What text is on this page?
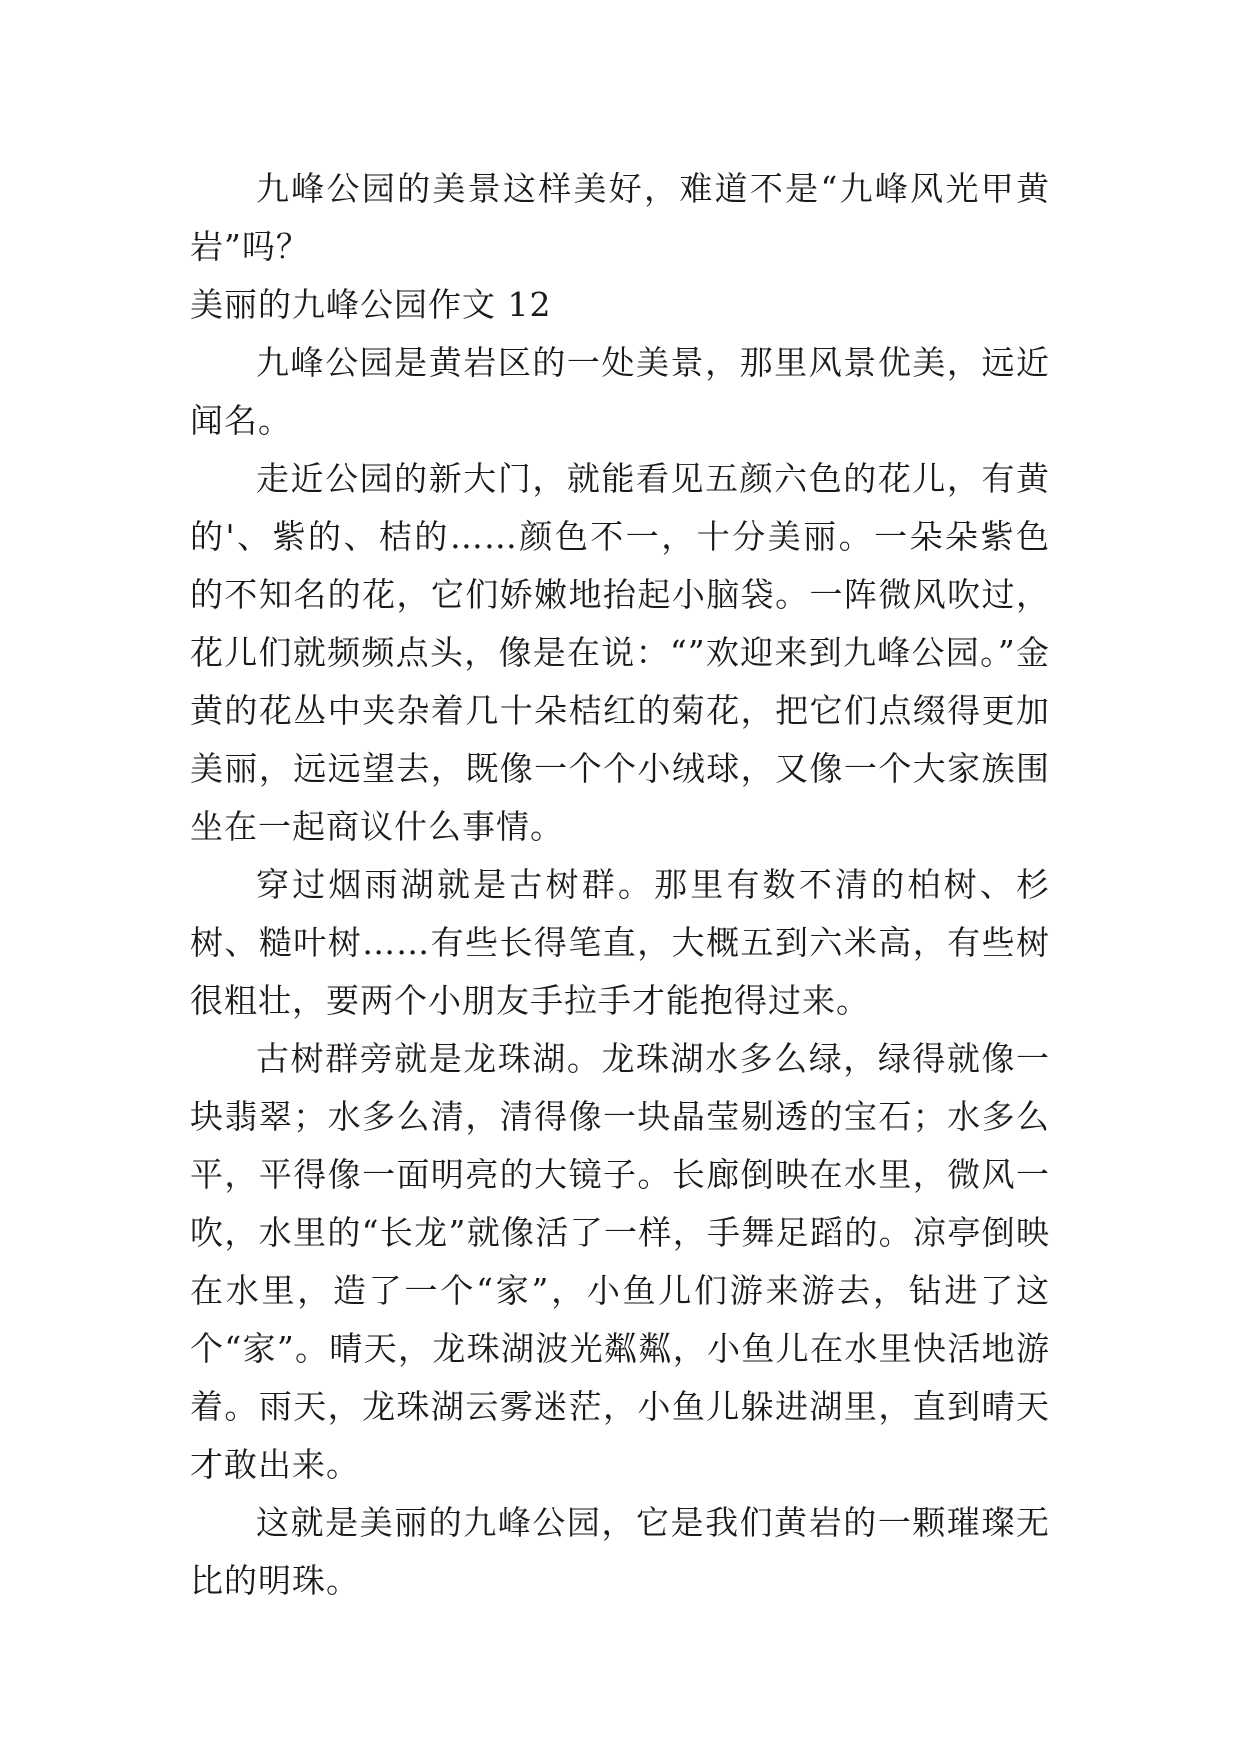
九峰公园的美景这样美好，难道不是“九峰风光甲黄岩”吗？

美丽的九峰公园作文 12

九峰公园是黄岩区的一处美景，那里风景优美，远近闻名。

走近公园的新大门，就能看见五颜六色的花儿，有黄的'、紫的、桔的……颜色不一，十分美丽。一朵朵紫色的不知名的花，它们娇嫩地抬起小脑袋。一阵微风吹过，花儿们就频频点头，像是在说：“”欢迎来到九峰公园。”金黄的花丛中夹杂着几十朵桔红的菊花，把它们点缀得更加美丽，远远望去，既像一个个小绒球，又像一个大家族围坐在一起商议什么事情。

穿过烟雨湖就是古树群。那里有数不清的柏树、杉树、糙叶树……有些长得笔直，大概五到六米高，有些树很粗壮，要两个小朋友手拉手才能抱得过来。

古树群旁就是龙珠湖。龙珠湖水多么绿，绿得就像一块翡翠；水多么清，清得像一块晶莹剔透的宝石；水多么平，平得像一面明亮的大镜子。长廊倒映在水里，微风一吹，水里的“长龙”就像活了一样，手舞足蹈的。凉亭倒映在水里，造了一个“家”，小鱼儿们游来游去，钻进了这个“家”。晴天，龙珠湖波光粼粼，小鱼儿在水里快活地游着。雨天，龙珠湖云雾迷茫，小鱼儿躲进湖里，直到晴天才敢出来。

这就是美丽的九峰公园，它是我们黄岩的一颗璀璨无比的明珠。
